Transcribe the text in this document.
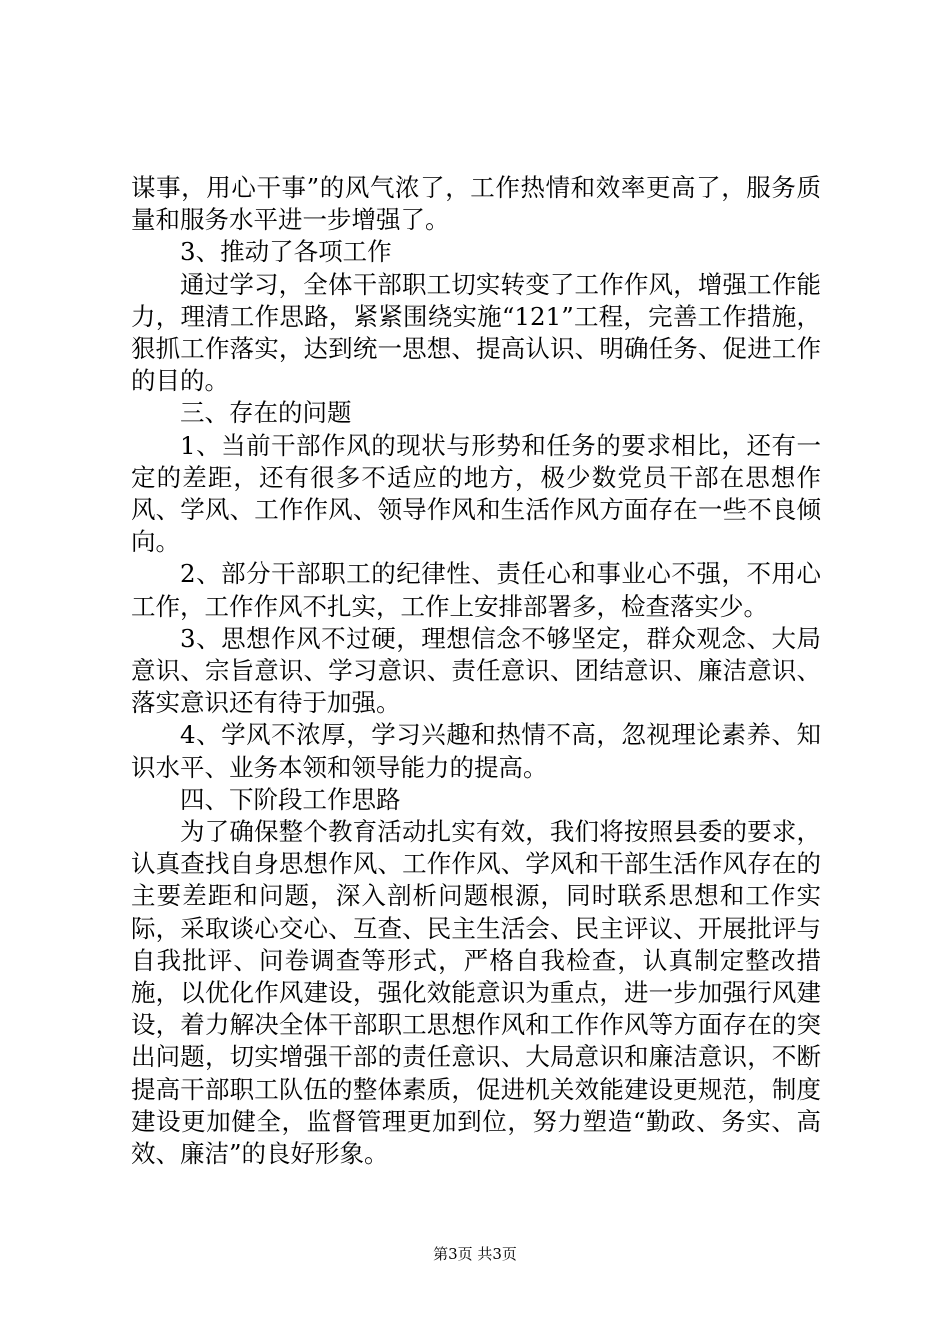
谋事，用心干事”的风气浓了，工作热情和效率更高了，服务质量和服务水平进一步增强了。

3、推动了各项工作

通过学习，全体干部职工切实转变了工作作风，增强工作能力，理清工作思路，紧紧围绕实施“121”工程，完善工作措施，狠抓工作落实，达到统一思想、提高认识、明确任务、促进工作的目的。

三、存在的问题

1、当前干部作风的现状与形势和任务的要求相比，还有一定的差距，还有很多不适应的地方，极少数党员干部在思想作风、学风、工作作风、领导作风和生活作风方面存在一些不良倾向。

2、部分干部职工的纪律性、责任心和事业心不强，不用心工作，工作作风不扎实，工作上安排部署多，检查落实少。

3、思想作风不过硬，理想信念不够坚定，群众观念、大局意识、宗旨意识、学习意识、责任意识、团结意识、廉洁意识、落实意识还有待于加强。

4、学风不浓厚，学习兴趣和热情不高，忽视理论素养、知识水平、业务本领和领导能力的提高。

四、下阶段工作思路

为了确保整个教育活动扎实有效，我们将按照县委的要求，认真查找自身思想作风、工作作风、学风和干部生活作风存在的主要差距和问题，深入剖析问题根源，同时联系思想和工作实际，采取谈心交心、互查、民主生活会、民主评议、开展批评与自我批评、问卷调查等形式，严格自我检查，认真制定整改措施，以优化作风建设，强化效能意识为重点，进一步加强行风建设，着力解决全体干部职工思想作风和工作作风等方面存在的突出问题，切实增强干部的责任意识、大局意识和廉洁意识，不断提高干部职工队伍的整体素质，促进机关效能建设更规范，制度建设更加健全，监督管理更加到位，努力塑造“勤政、务实、高效、廉洁”的良好形象。

第3页 共3页
